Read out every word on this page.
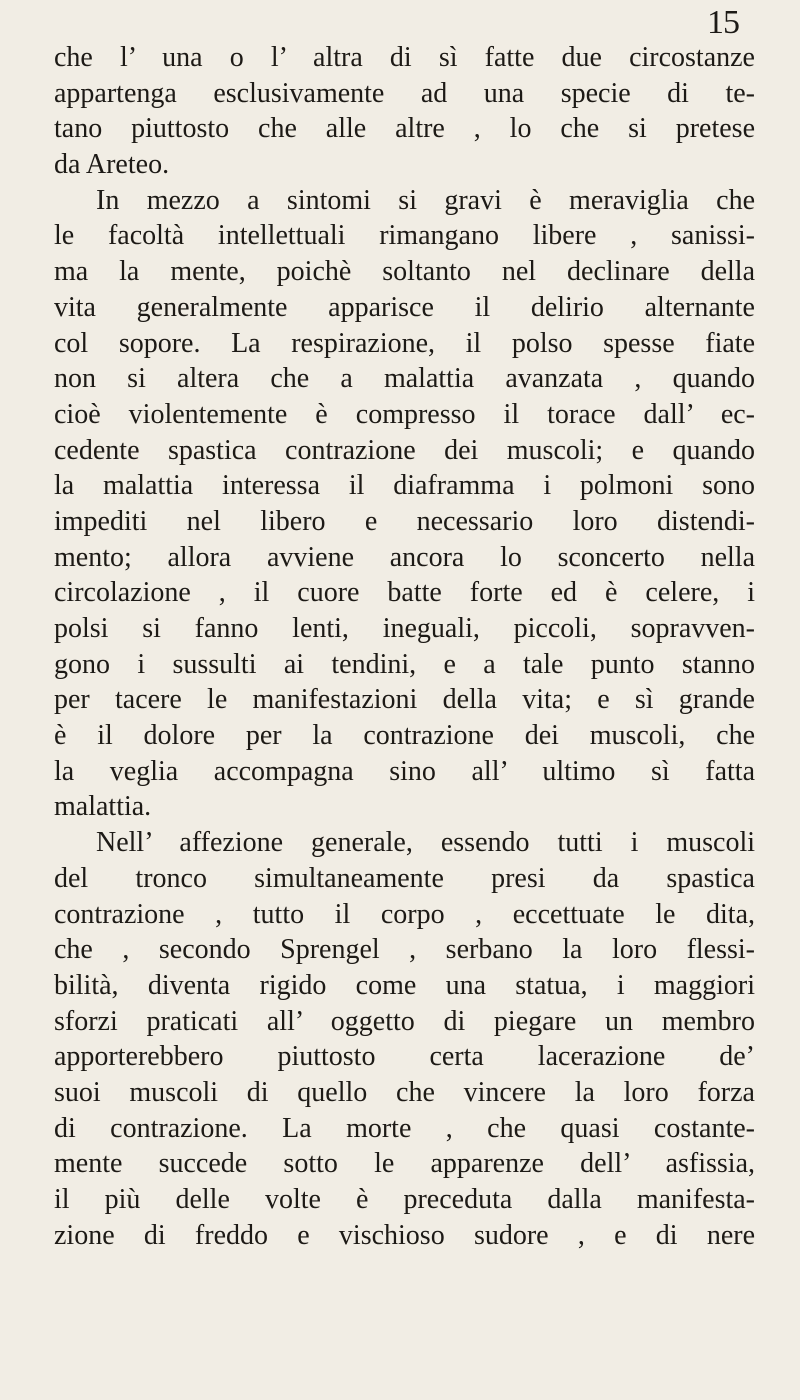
15
che l’ una o l’ altra di sì fatte due circostanze
appartenga esclusivamente ad una specie di te-
tano piuttosto che alle altre , lo che si pretese
da Areteo.
In mezzo a sintomi si gravi è meraviglia che
le facoltà intellettuali rimangano libere , sanissi-
ma la mente, poichè soltanto nel declinare della
vita generalmente apparisce il delirio alternante
col sopore. La respirazione, il polso spesse fiate
non si altera che a malattia avanzata , quando
cioè violentemente è compresso il torace dall’ ec-
cedente spastica contrazione dei muscoli; e quando
la malattia interessa il diaframma i polmoni sono
impediti nel libero e necessario loro distendi-
mento; allora avviene ancora lo sconcerto nella
circolazione , il cuore batte forte ed è celere, i
polsi si fanno lenti, ineguali, piccoli, sopravven-
gono i sussulti ai tendini, e a tale punto stanno
per tacere le manifestazioni della vita; e sì grande
è il dolore per la contrazione dei muscoli, che
la veglia accompagna sino all’ ultimo sì fatta
malattia.
Nell’ affezione generale, essendo tutti i muscoli
del tronco simultaneamente presi da spastica
contrazione , tutto il corpo , eccettuate le dita,
che , secondo Sprengel , serbano la loro flessi-
bilità, diventa rigido come una statua, i maggiori
sforzi praticati all’ oggetto di piegare un membro
apporterebbero piuttosto certa lacerazione de’
suoi muscoli di quello che vincere la loro forza
di contrazione. La morte , che quasi costante-
mente succede sotto le apparenze dell’ asfissia,
il più delle volte è preceduta dalla manifesta-
zione di freddo e vischioso sudore , e di nere
